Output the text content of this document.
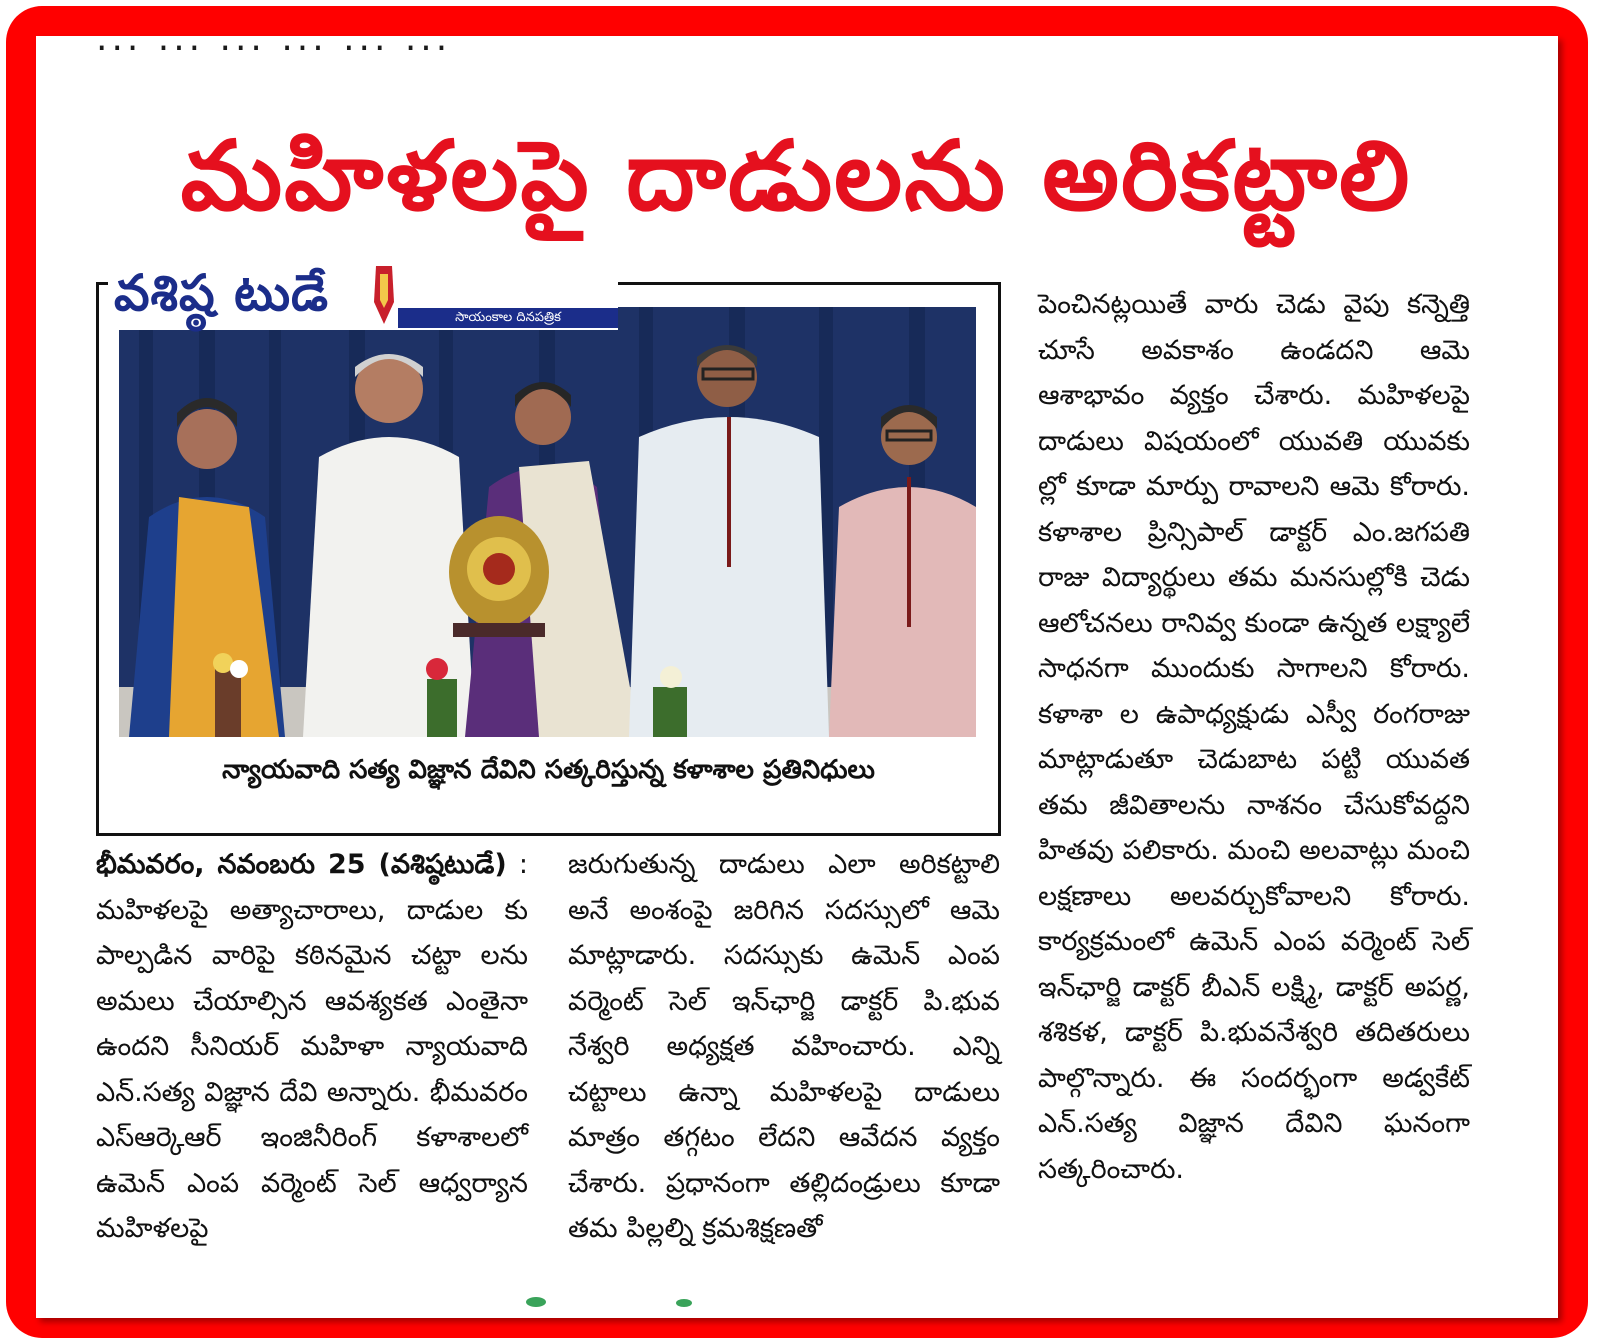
... ... ... ... ... ...
మహిళలపై దాడులను అరికట్టాలి
న్యాయవాది సత్య విజ్ఞాన దేవిని సత్కరిస్తున్న కళాశాల ప్రతినిధులు
వశిష్ఠ టుడే	సాయంకాల దినపత్రిక

భీమవరం, నవంబరు 25 (వశిష్ఠటుడే) : మహిళలపై అత్యాచారాలు, దాడుల కు పాల్పడిన వారిపై కఠినమైన చట్టా లను అమలు చేయాల్సిన ఆవశ్యకత ఎంతైనా ఉందని సీనియర్ మహిళా న్యాయవాది ఎన్.సత్య విజ్ఞాన దేవి అన్నారు. భీమవరం ఎస్ఆర్కెఆర్ ఇంజినీరింగ్ కళాశాలలో ఉమెన్ ఎంప వర్మెంట్ సెల్ ఆధ్వర్యాన మహిళలపై

జరుగుతున్న దాడులు ఎలా అరికట్టాలి అనే అంశంపై జరిగిన సదస్సులో ఆమె మాట్లాడారు. సదస్సుకు ఉమెన్ ఎంప వర్మెంట్ సెల్ ఇన్‌ఛార్జి డాక్టర్ పి.భువ నేశ్వరి అధ్యక్షత వహించారు. ఎన్ని చట్టాలు ఉన్నా మహిళలపై దాడులు మాత్రం తగ్గటం లేదని ఆవేదన వ్యక్తం చేశారు. ప్రధానంగా తల్లిదండ్రులు కూడా తమ పిల్లల్ని క్రమశిక్షణతో

పెంచినట్లయితే వారు చెడు వైపు కన్నెత్తి చూసే అవకాశం ఉండదని ఆమె ఆశాభావం వ్యక్తం చేశారు. మహిళలపై దాడులు విషయంలో యువతి యువకు ల్లో కూడా మార్పు రావాలని ఆమె కోరారు. కళాశాల ప్రిన్సిపాల్ డాక్టర్ ఎం.జగపతి రాజు విద్యార్థులు తమ మనసుల్లోకి చెడు ఆలోచనలు రానివ్వ కుండా ఉన్నత లక్ష్యాలే సాధనగా ముందుకు సాగాలని కోరారు. కళాశా ల ఉపాధ్యక్షుడు ఎస్వీ రంగరాజు మాట్లాడుతూ చెడుబాట పట్టి యువత తమ జీవితాలను నాశనం చేసుకోవద్దని హితవు పలికారు. మంచి అలవాట్లు మంచి లక్షణాలు అలవర్చుకోవాలని కోరారు. కార్యక్రమంలో ఉమెన్ ఎంప వర్మెంట్ సెల్ ఇన్‌ఛార్జి డాక్టర్ బీఎన్ లక్ష్మి, డాక్టర్ అపర్ణ, శశికళ, డాక్టర్ పి.భువనేశ్వరి తదితరులు పాల్గొన్నారు. ఈ సందర్భంగా అడ్వకేట్ ఎన్.సత్య విజ్ఞాన దేవిని ఘనంగా సత్కరించారు.
